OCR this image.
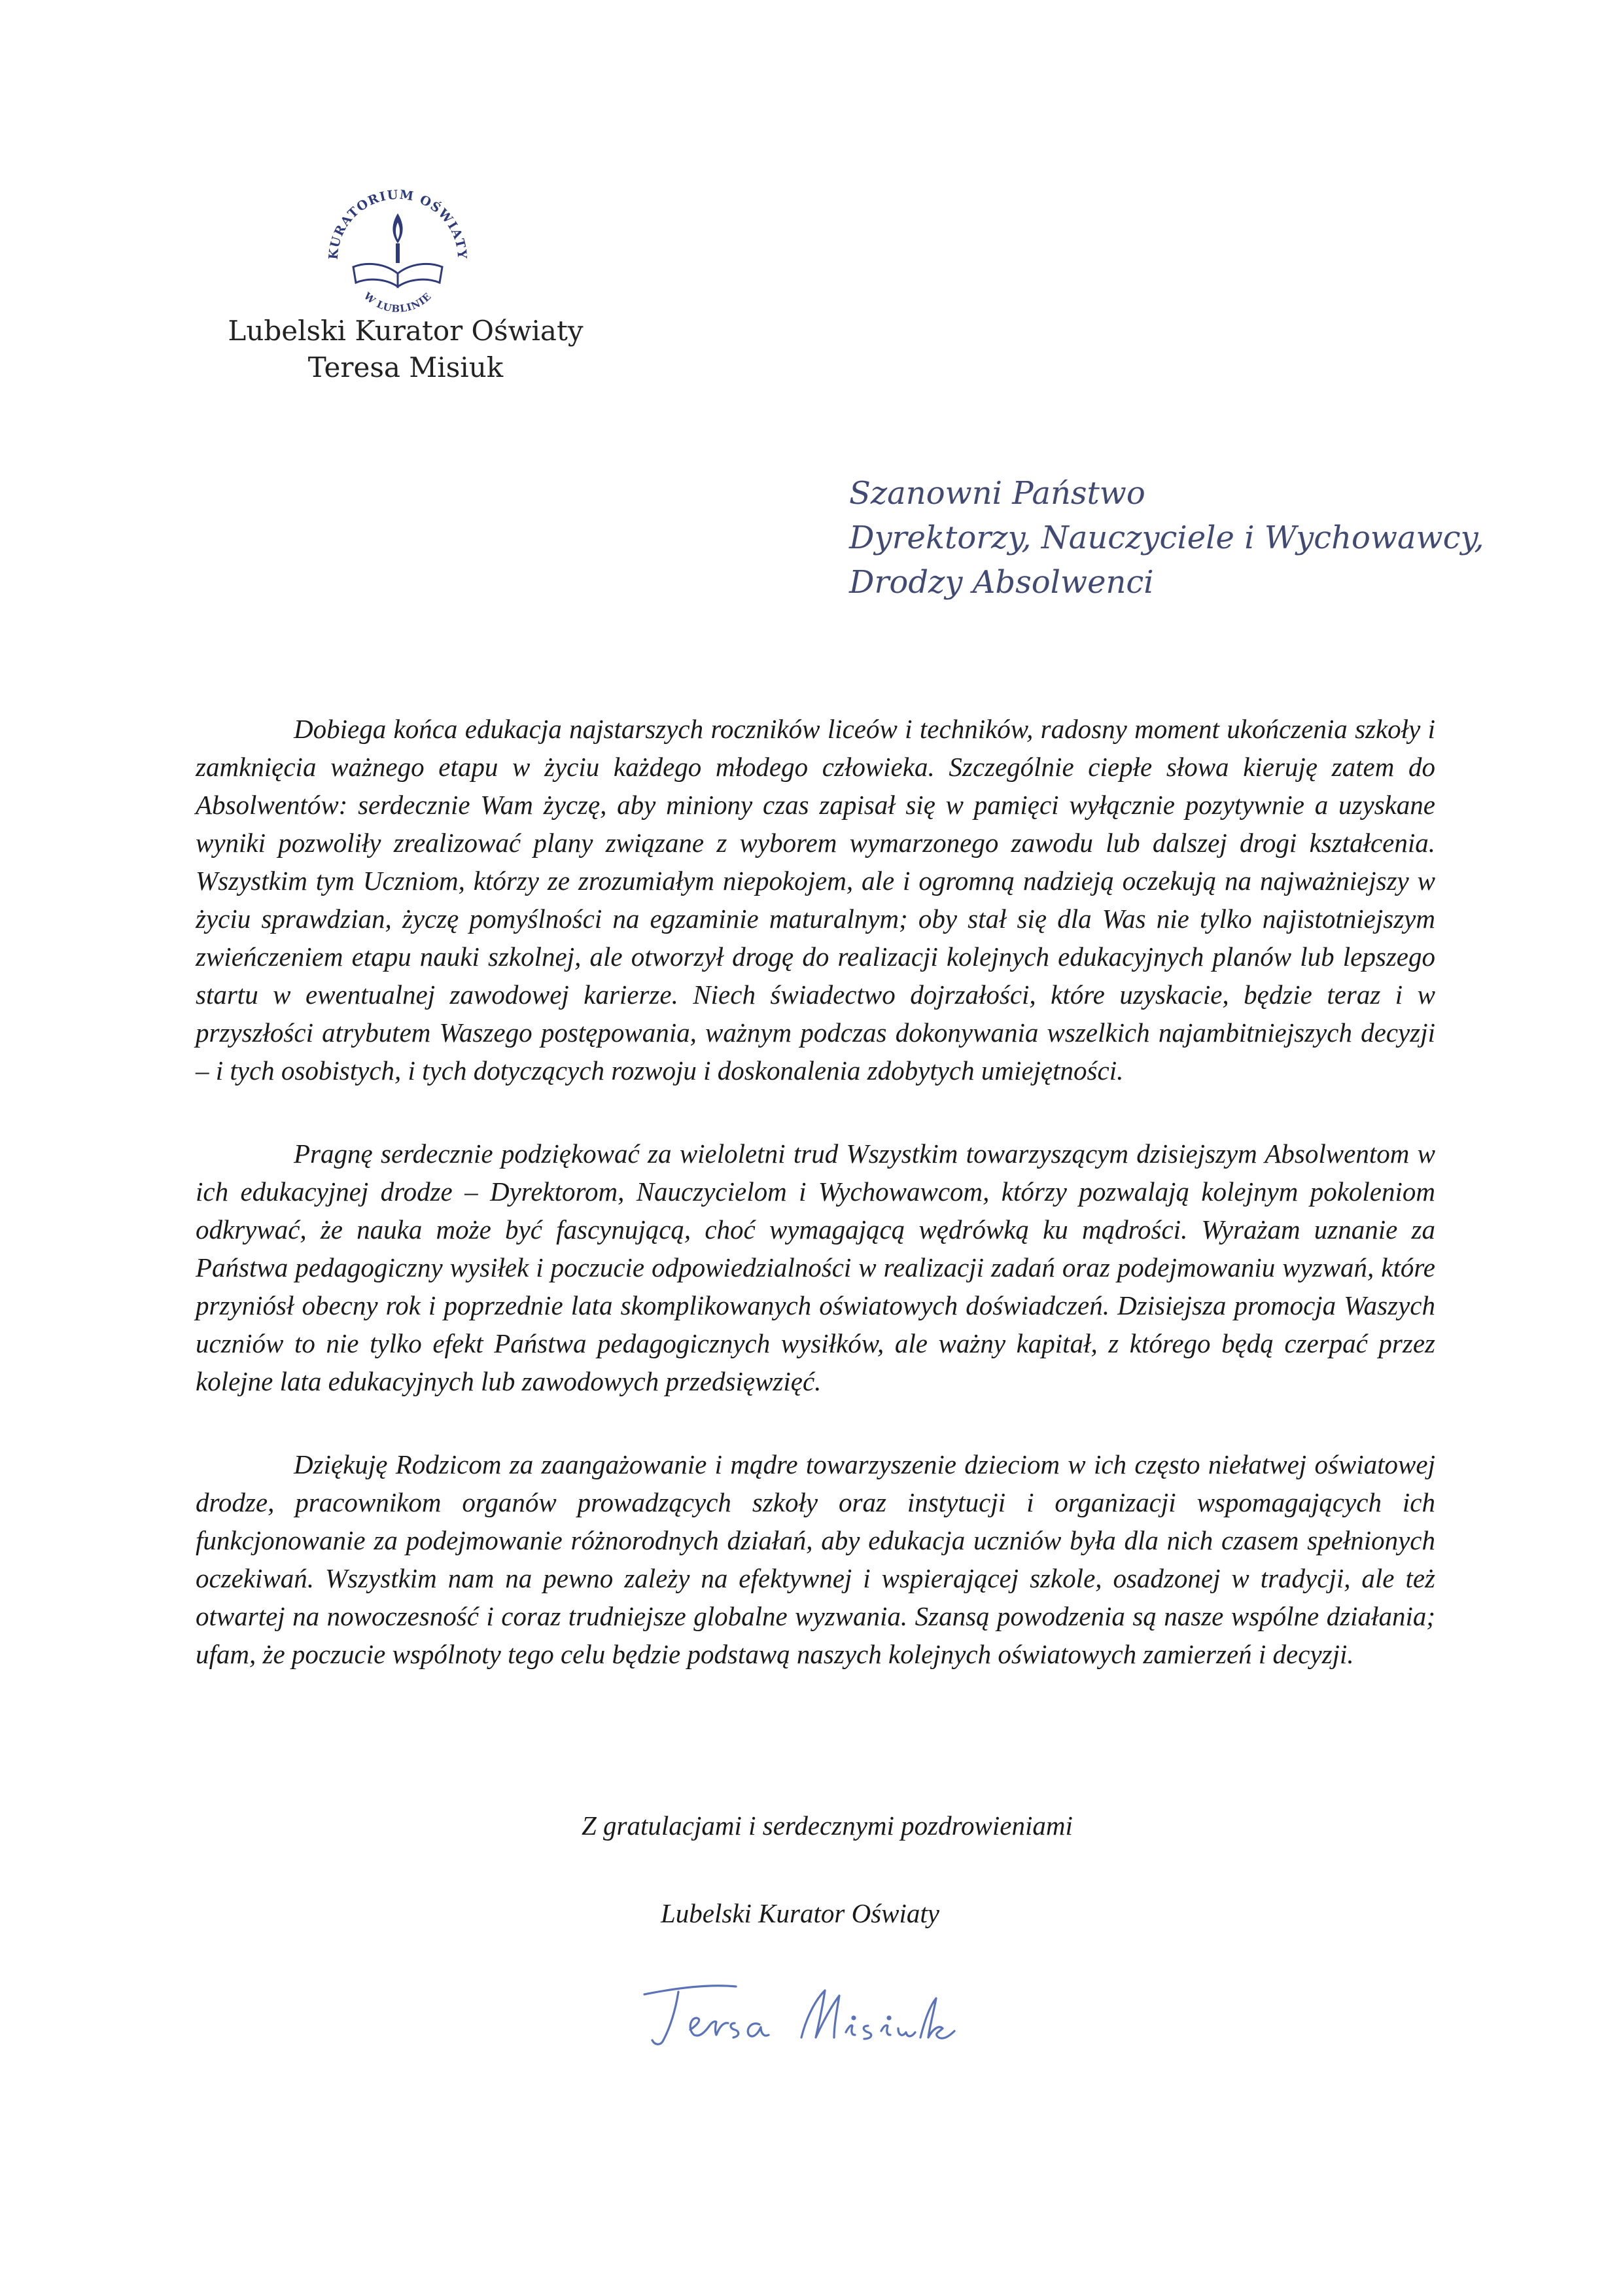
KURATORIUM OŚWIATY
W LUBLINIE
Lubelski Kurator Oświaty
Teresa Misiuk
Szanowni Państwo
Dyrektorzy, Nauczyciele i Wychowawcy,
Drodzy Absolwenci

Dobiega końca edukacja najstarszych roczników liceów i techników, radosny moment ukończenia szkoły i zamknięcia ważnego etapu w życiu każdego młodego człowieka. Szczególnie ciepłe słowa kieruję zatem do Absolwentów: serdecznie Wam życzę, aby miniony czas zapisał się w pamięci wyłącznie pozytywnie a uzyskane wyniki pozwoliły zrealizować plany związane z wyborem wymarzonego zawodu lub dalszej drogi kształcenia. Wszystkim tym Uczniom, którzy ze zrozumiałym niepokojem, ale i ogromną nadzieją oczekują na najważniejszy w życiu sprawdzian, życzę pomyślności na egzaminie maturalnym; oby stał się dla Was nie tylko najistotniejszym zwieńczeniem etapu nauki szkolnej, ale otworzył drogę do realizacji kolejnych edukacyjnych planów lub lepszego startu w ewentualnej zawodowej karierze. Niech świadectwo dojrzałości, które uzyskacie, będzie teraz i w przyszłości atrybutem Waszego postępowania, ważnym podczas dokonywania wszelkich najambitniejszych decyzji – i tych osobistych, i tych dotyczących rozwoju i doskonalenia zdobytych umiejętności.

Pragnę serdecznie podziękować za wieloletni trud Wszystkim towarzyszącym dzisiejszym Absolwentom w ich edukacyjnej drodze – Dyrektorom, Nauczycielom i Wychowawcom, którzy pozwalają kolejnym pokoleniom odkrywać, że nauka może być fascynującą, choć wymagającą wędrówką ku mądrości. Wyrażam uznanie za Państwa pedagogiczny wysiłek i poczucie odpowiedzialności w realizacji zadań oraz podejmowaniu wyzwań, które przyniósł obecny rok i poprzednie lata skomplikowanych oświatowych doświadczeń. Dzisiejsza promocja Waszych uczniów to nie tylko efekt Państwa pedagogicznych wysiłków, ale ważny kapitał, z którego będą czerpać przez kolejne lata edukacyjnych lub zawodowych przedsięwzięć.

Dziękuję Rodzicom za zaangażowanie i mądre towarzyszenie dzieciom w ich często niełatwej oświatowej drodze, pracownikom organów prowadzących szkoły oraz instytucji i organizacji wspomagających ich funkcjonowanie za podejmowanie różnorodnych działań, aby edukacja uczniów była dla nich czasem spełnionych oczekiwań. Wszystkim nam na pewno zależy na efektywnej i wspierającej szkole, osadzonej w tradycji, ale też otwartej na nowoczesność i coraz trudniejsze globalne wyzwania. Szansą powodzenia są nasze wspólne działania; ufam, że poczucie wspólnoty tego celu będzie podstawą naszych kolejnych oświatowych zamierzeń i decyzji.

Z gratulacjami i serdecznymi pozdrowieniami
Lubelski Kurator Oświaty
